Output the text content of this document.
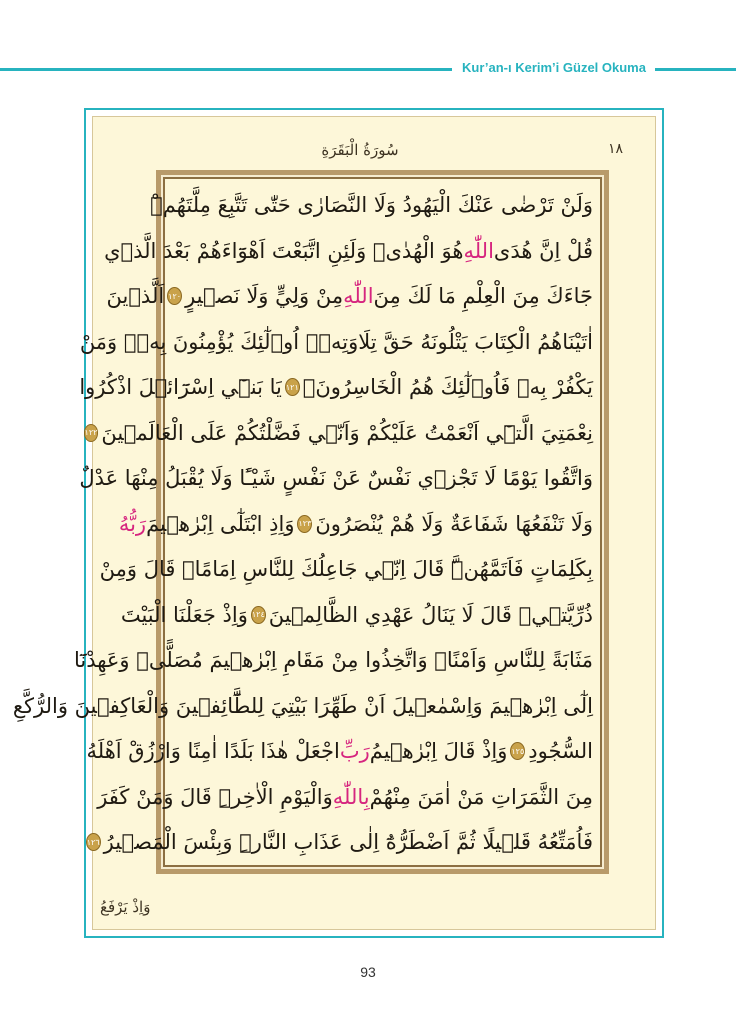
Kur’an-ı Kerim’i Güzel Okuma
سُورَةُ الْبَقَرَةِ	١٨
وَلَنْ تَرْضٰى عَنْكَ الْيَهُودُ وَلَا النَّصَارٰى حَتّٰى تَتَّبِعَ مِلَّتَهُمْۜ
قُلْ اِنَّ هُدَى
اللّٰهِ
هُوَ الْهُدٰىۜ وَلَئِنِ اتَّبَعْتَ اَهْوَٓاءَهُمْ بَعْدَ الَّذ۪ي
جَٓاءَكَ مِنَ الْعِلْمِ مَا لَكَ مِنَ
اللّٰهِ
مِنْ وَلِيٍّ وَلَا نَص۪يرٍ
١٢٠
اَلَّذ۪ينَ
اٰتَيْنَاهُمُ الْكِتَابَ يَتْلُونَهُ حَقَّ تِلَاوَتِه۪ۜ اُو۬لٰٓئِكَ يُؤْمِنُونَ بِه۪ۜ وَمَنْ
يَكْفُرْ بِه۪ فَاُو۬لٰٓئِكَ هُمُ الْخَاسِرُونَ۟
١٢١
يَا بَن۪ٓي اِسْرَٓائ۪لَ اذْكُرُوا
نِعْمَتِيَ الَّت۪ٓي اَنْعَمْتُ عَلَيْكُمْ وَاَنّ۪ي فَضَّلْتُكُمْ عَلَى الْعَالَم۪ينَ
١٢٢
وَاتَّقُوا يَوْمًا لَا تَجْز۪ي نَفْسٌ عَنْ نَفْسٍ شَيْـًٔا وَلَا يُقْبَلُ مِنْهَا عَدْلٌ
وَلَا تَنْفَعُهَا شَفَاعَةٌ وَلَا هُمْ يُنْصَرُونَ
١٢٣
وَاِذِ ابْتَلٰٓى اِبْرٰه۪يمَ
رَبُّهُ
بِكَلِمَاتٍ فَاَتَمَّهُنَّۜ قَالَ اِنّ۪ي جَاعِلُكَ لِلنَّاسِ اِمَامًاۜ قَالَ وَمِنْ
ذُرِّيَّت۪يۜ قَالَ لَا يَنَالُ عَهْدِي الظَّالِم۪ينَ
١٢٤
وَاِذْ جَعَلْنَا الْبَيْتَ
مَثَابَةً لِلنَّاسِ وَاَمْنًاۜ وَاتَّخِذُوا مِنْ مَقَامِ اِبْرٰه۪يمَ مُصَلًّىۜ وَعَهِدْنَٓا
اِلٰٓى اِبْرٰه۪يمَ وَاِسْمٰع۪يلَ اَنْ طَهِّرَا بَيْتِيَ لِلطَّٓائِف۪ينَ وَالْعَاكِف۪ينَ وَالرُّكَّعِ
السُّجُودِ
١٢٥
وَاِذْ قَالَ اِبْرٰه۪يمُ
رَبِّ
اجْعَلْ هٰذَا بَلَدًا اٰمِنًا وَارْزُقْ اَهْلَهُ
مِنَ الثَّمَرَاتِ مَنْ اٰمَنَ مِنْهُمْ
بِاللّٰهِ
وَالْيَوْمِ الْاٰخِرِۜ قَالَ وَمَنْ كَفَرَ
فَاُمَتِّعُهُ قَل۪يلًا ثُمَّ اَضْطَرُّهُٓ اِلٰى عَذَابِ النَّارِۜ وَبِئْسَ الْمَص۪يرُ
١٢٦
وَاِذْ يَرْفَعُ
93
